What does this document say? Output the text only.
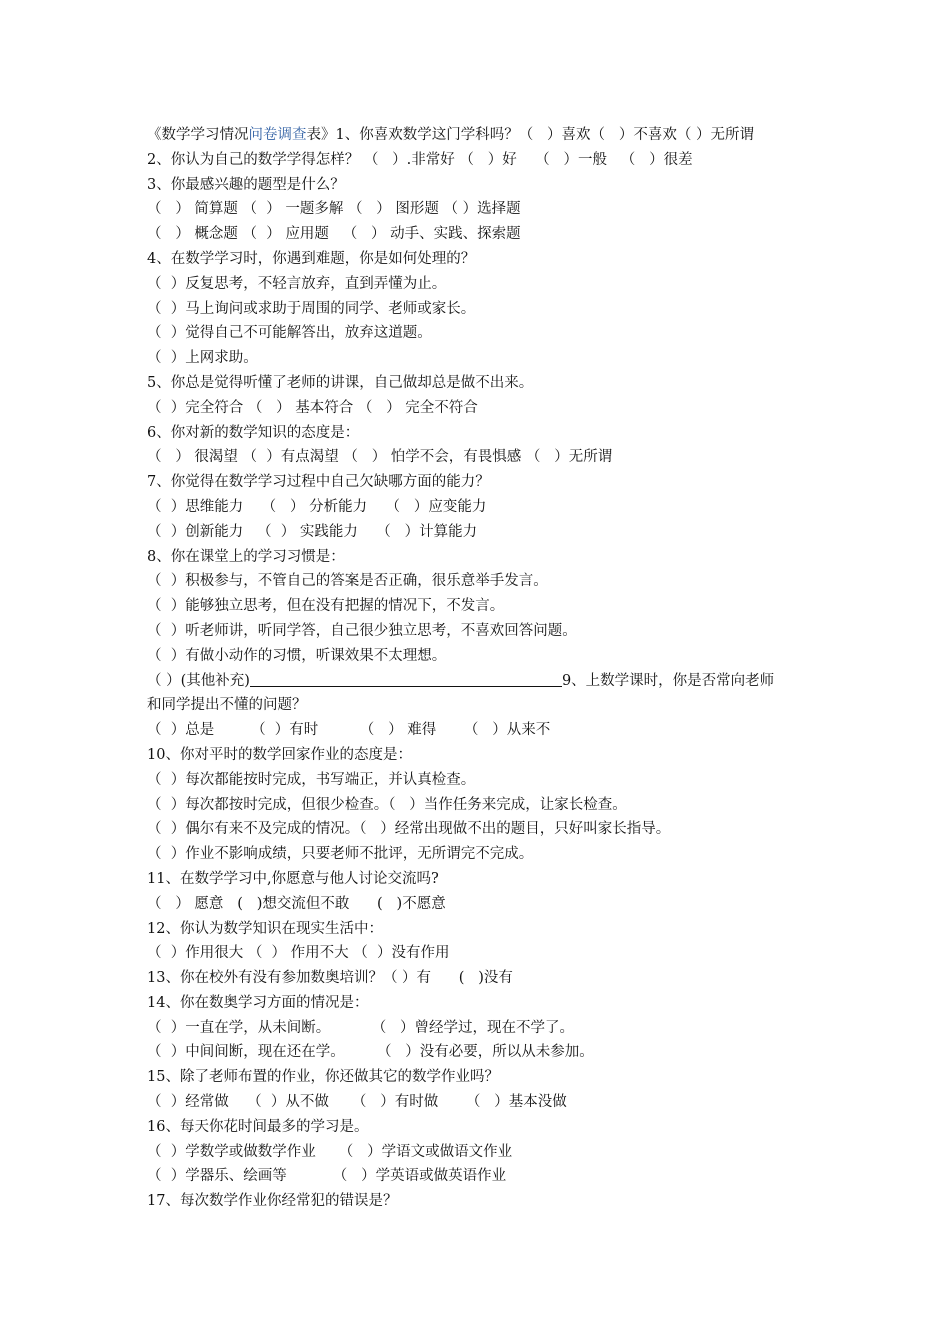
《数学学习情况问卷调查表》1、你喜欢数学这门学科吗？（   ）喜欢（   ）不喜欢（ ）无所谓
2、你认为自己的数学学得怎样？ （   ）.非常好 （   ）好    （   ）一般   （   ）很差
3、你最感兴趣的题型是什么？
（   ） 简算题 （  ） 一题多解 （   ） 图形题 （ ）选择题
（   ） 概念题 （  ） 应用题   （   ） 动手、实践、探索题
4、在数学学习时，你遇到难题，你是如何处理的？
（  ）反复思考，不轻言放弃，直到弄懂为止。
（  ）马上询问或求助于周围的同学、老师或家长。
（  ）觉得自己不可能解答出，放弃这道题。
（  ）上网求助。
5、你总是觉得听懂了老师的讲课，自己做却总是做不出来。
（  ）完全符合 （   ） 基本符合 （   ） 完全不符合
6、你对新的数学知识的态度是：
（   ） 很渴望 （  ）有点渴望 （   ） 怕学不会，有畏惧感 （   ）无所谓
7、你觉得在数学学习过程中自己欠缺哪方面的能力？
（  ）思维能力    （   ） 分析能力    （   ）应变能力
（  ）创新能力   （  ） 实践能力    （   ）计算能力
8、你在课堂上的学习习惯是：
（  ）积极参与，不管自己的答案是否正确，很乐意举手发言。
（  ）能够独立思考，但在没有把握的情况下，不发言。
（  ）听老师讲，听同学答，自己很少独立思考，不喜欢回答问题。
（  ）有做小动作的习惯，听课效果不太理想。
（ ）(其他补充)	9、上数学课时，你是否常向老师
和同学提出不懂的问题？
（  ）总是        （  ）有时         （   ） 难得      （   ）从来不
10、你对平时的数学回家作业的态度是：
（  ）每次都能按时完成，书写端正，并认真检查。
（  ）每次都按时完成，但很少检查。（   ）当作任务来完成，让家长检查。
（  ）偶尔有来不及完成的情况。（   ）经常出现做不出的题目，只好叫家长指导。
（  ）作业不影响成绩，只要老师不批评，无所谓完不完成。
11、在数学学习中,你愿意与他人讨论交流吗?
（   ） 愿意   (   )想交流但不敢      (   )不愿意
12、你认为数学知识在现实生活中：
（  ）作用很大 （  ） 作用不大 （  ）没有作用
13、你在校外有没有参加数奥培训？（ ）有      (   )没有
14、你在数奥学习方面的情况是：
（  ）一直在学，从未间断。         （   ）曾经学过，现在不学了。
（  ）中间间断，现在还在学。       （   ）没有必要，所以从未参加。
15、除了老师布置的作业，你还做其它的数学作业吗？
（  ）经常做    （  ）从不做     （   ）有时做      （   ）基本没做
16、每天你花时间最多的学习是。
（  ）学数学或做数学作业     （   ）学语文或做语文作业
（  ）学器乐、绘画等          （   ）学英语或做英语作业
17、每次数学作业你经常犯的错误是？
